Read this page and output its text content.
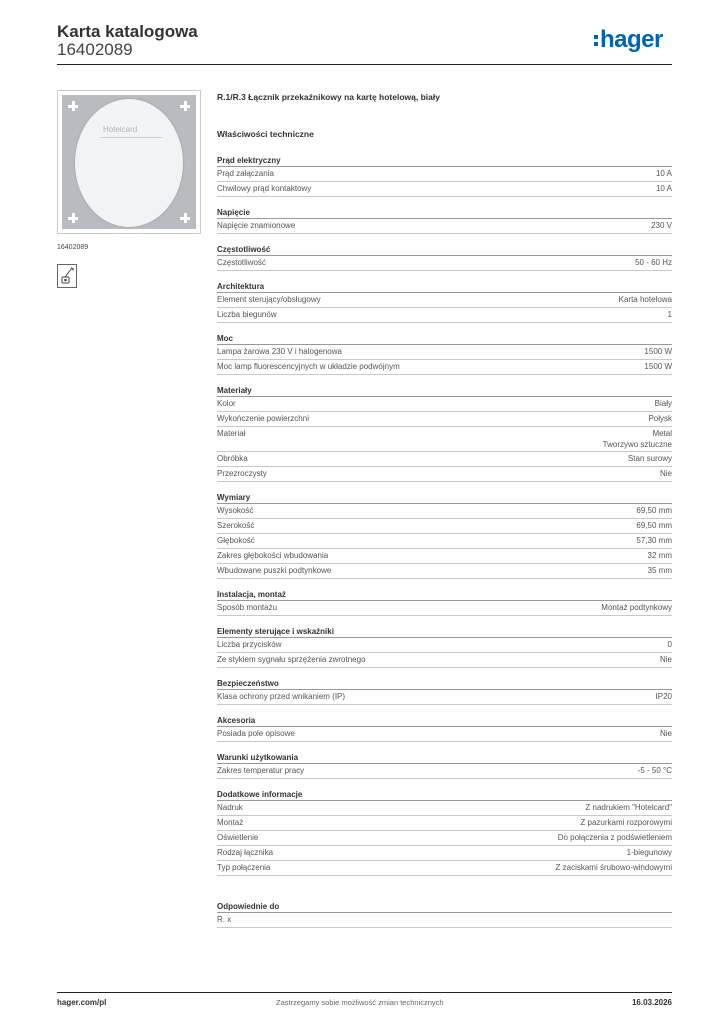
Karta katalogowa
16402089	hager
Hotelcard
16402089
R.1/R.3 Łącznik przekaźnikowy na kartę hotelową, biały
Właściwości techniczne
Prąd elektryczny
Prąd załączania	10 A
Chwilowy prąd kontaktowy	10 A
Napięcie
Napięcie znamionowe	230 V
Częstotliwość
Częstotliwość	50 - 60 Hz
Architektura
Element sterujący/obsługowy	Karta hotelowa
Liczba biegunów	1
Moc
Lampa żarowa 230 V i halogenowa	1500 W
Moc lamp fluorescencyjnych w układzie podwójnym	1500 W
Materiały
Kolor	Biały
Wykończenie powierzchni	Połysk
Materiał	Metal
Tworzywo sztuczne
Obróbka	Stan surowy
Przezroczysty	Nie
Wymiary
Wysokość	69,50 mm
Szerokość	69,50 mm
Głębokość	57,30 mm
Zakres głębokości wbudowania	32 mm
Wbudowane puszki podtynkowe	35 mm
Instalacja, montaż
Sposób montażu	Montaż podtynkowy
Elementy sterujące i wskaźniki
Liczba przycisków	0
Ze stykiem sygnału sprzężenia zwrotnego	Nie
Bezpieczeństwo
Klasa ochrony przed wnikaniem (IP)	IP20
Akcesoria
Posiada pole opisowe	Nie
Warunki użytkowania
Zakres temperatur pracy	-5 - 50 °C
Dodatkowe informacje
Nadruk	Z nadrukiem "Hotelcard"
Montaż	Z pazurkami rozporowymi
Oświetlenie	Do połączenia z podświetleniem
Rodzaj łącznika	1-biegunowy
Typ połączenia	Z zaciskami śrubowo-windowymi
Odpowiednie do
R. x
hager.com/pl	Zastrzegamy sobie możliwość zmian technicznych	16.03.2026
